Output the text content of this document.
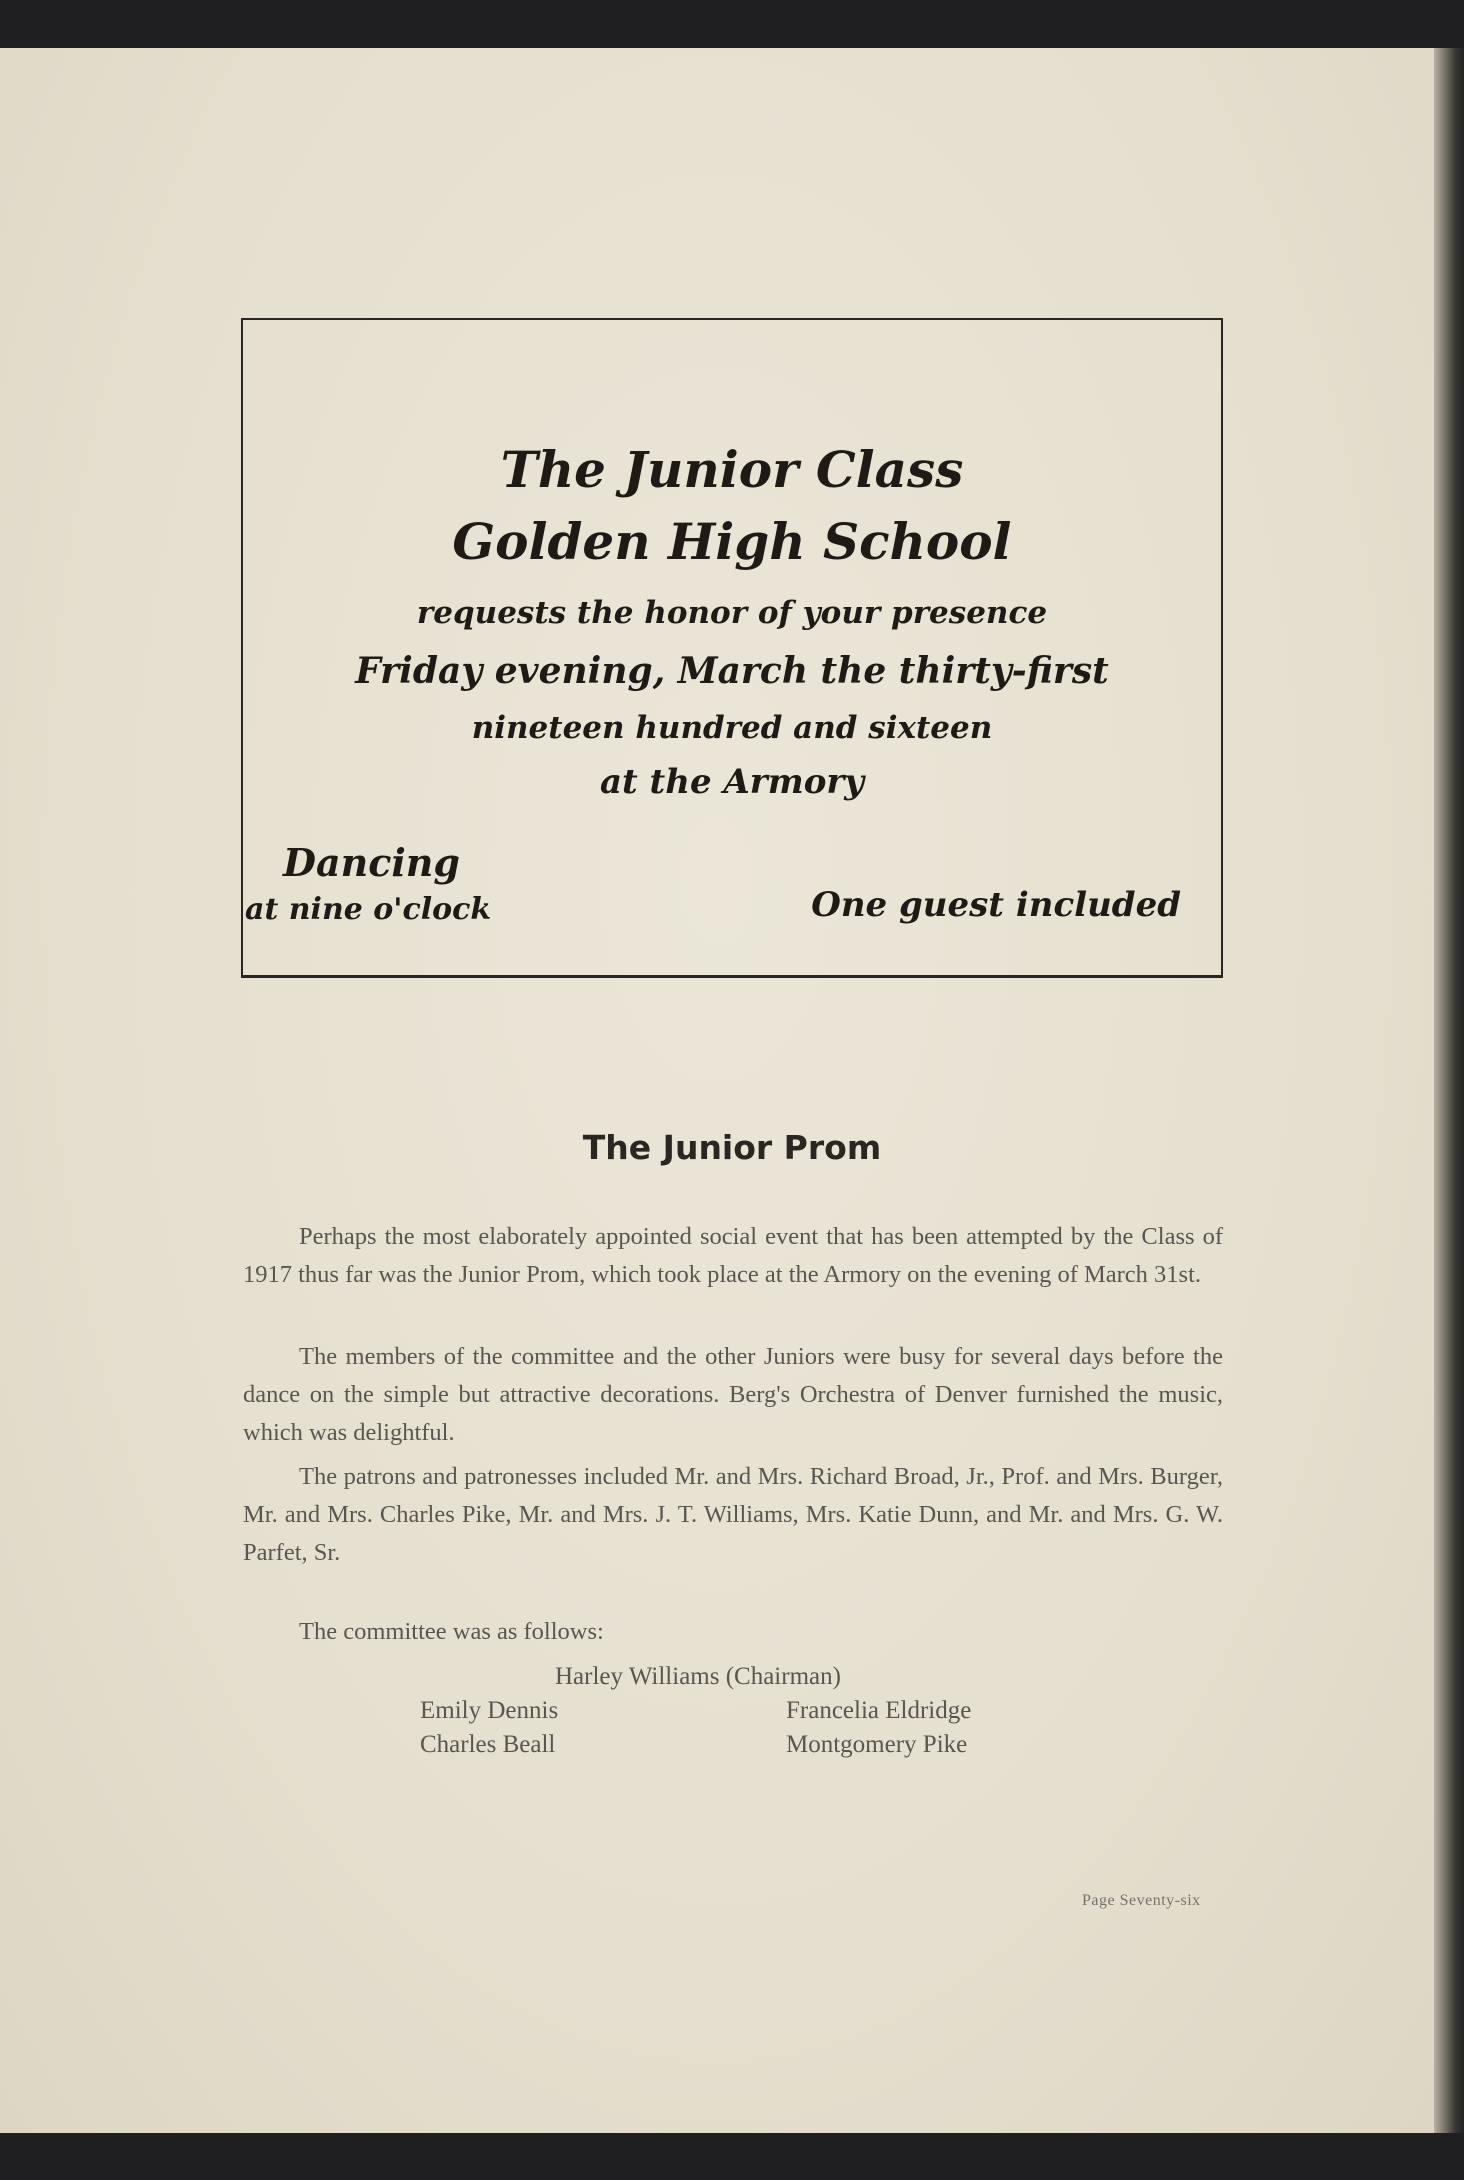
The Junior Class

Golden High School

requests the honor of your presence

Friday evening, March the thirty-first

nineteen hundred and sixteen

at the Armory

Dancing

at nine o'clock	One guest included

The Junior Prom

Perhaps the most elaborately appointed social event that has been attempted by the Class of 1917 thus far was the Junior Prom, which took place at the Armory on the evening of March 31st.

The members of the committee and the other Juniors were busy for several days before the dance on the simple but attractive decorations. Berg's Orchestra of Denver furnished the music, which was delightful.

The patrons and patronesses included Mr. and Mrs. Richard Broad, Jr., Prof. and Mrs. Burger, Mr. and Mrs. Charles Pike, Mr. and Mrs. J. T. Williams, Mrs. Katie Dunn, and Mr. and Mrs. G. W. Parfet, Sr.

The committee was as follows:

Harley Williams (Chairman)

Emily Dennis	Francelia Eldridge

Charles Beall	Montgomery Pike

Page Seventy-six
